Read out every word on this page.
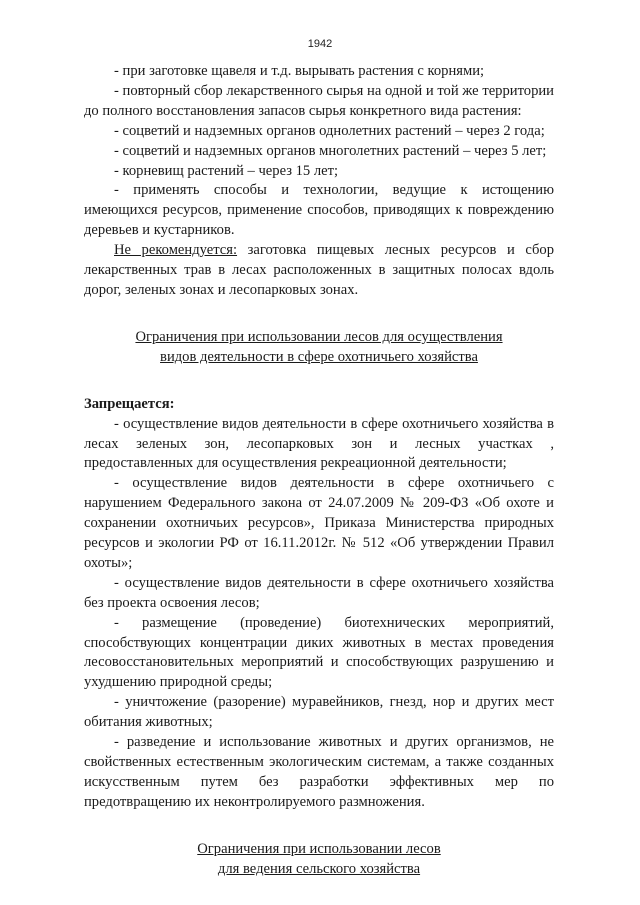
1942

- при заготовке щавеля и т.д. вырывать растения с корнями;

- повторный сбор лекарственного сырья на одной и той же территории до полного восстановления запасов сырья конкретного вида растения:

- соцветий и надземных органов однолетних растений – через 2 года;

- соцветий и надземных органов многолетних растений – через 5 лет;

- корневищ растений – через 15 лет;

- применять способы и технологии, ведущие к истощению имеющихся ресурсов, применение способов, приводящих к повреждению деревьев и кустарников.

Не рекомендуется: заготовка пищевых лесных ресурсов и сбор лекарственных трав в лесах расположенных в защитных полосах вдоль дорог, зеленых зонах и лесопарковых зонах.

Ограничения при использовании лесов для осуществления

видов деятельности в сфере охотничьего хозяйства

Запрещается:

- осуществление видов деятельности в сфере охотничьего хозяйства в лесах зеленых зон, лесопарковых зон и лесных участках , предоставленных для осуществления рекреационной деятельности;

- осуществление видов деятельности в сфере охотничьего с нарушением Федерального закона от 24.07.2009 № 209-ФЗ «Об охоте и сохранении охотничьих ресурсов», Приказа Министерства природных ресурсов и экологии РФ от 16.11.2012г. № 512 «Об утверждении Правил охоты»;

- осуществление видов деятельности в сфере охотничьего хозяйства без проекта освоения лесов;

- размещение (проведение) биотехнических мероприятий, способствующих концентрации диких животных в местах проведения лесовосстановительных мероприятий и способствующих разрушению и ухудшению природной среды;

- уничтожение (разорение) муравейников, гнезд, нор и других мест обитания животных;

- разведение и использование животных и других организмов, не свойственных естественным экологическим системам, а также созданных искусственным путем без разработки эффективных мер по предотвращению их неконтролируемого размножения.

Ограничения при использовании лесов

для ведения сельского хозяйства
